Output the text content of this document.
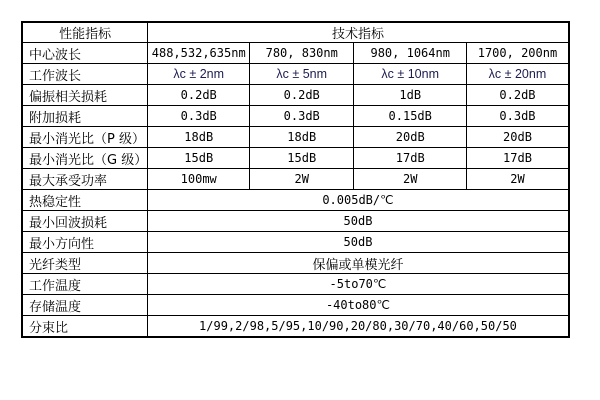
性能指标	技术指标			
中心波长	488,532,635nm	780, 830nm	980, 1064nm	1700, 200nm
工作波长	λc ± 2nm	λc ± 5nm	λc ± 10nm	λc ± 20nm
偏振相关损耗	0.2dB	0.2dB	1dB	0.2dB
附加损耗	0.3dB	0.3dB	0.15dB	0.3dB
最小消光比（P 级）	18dB	18dB	20dB	20dB
最小消光比（G 级）	15dB	15dB	17dB	17dB
最大承受功率	100mw	2W	2W	2W
热稳定性	0.005dB/℃			
最小回波损耗	50dB			
最小方向性	50dB			
光纤类型	保偏或单模光纤			
工作温度	-5to70℃			
存储温度	-40to80℃			
分束比	1/99,2/98,5/95,10/90,20/80,30/70,40/60,50/50			
